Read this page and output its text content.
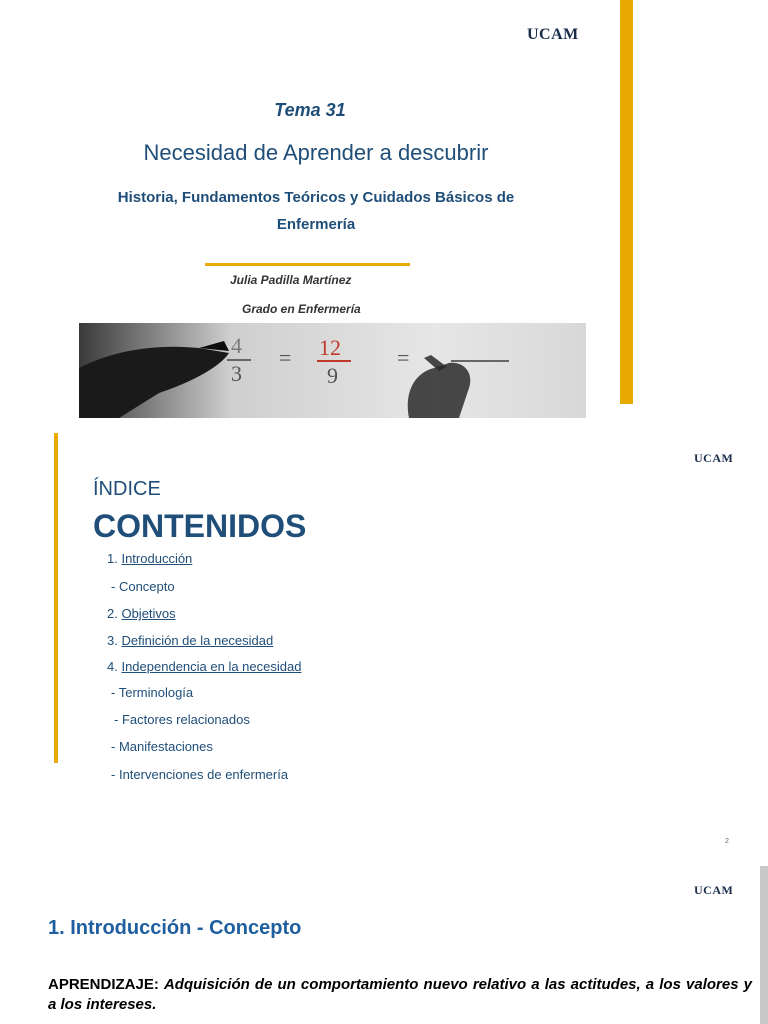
UCAM
Tema 31
Necesidad de Aprender a descubrir
Historia, Fundamentos Teóricos y Cuidados Básicos de
Enfermería
Julia Padilla Martínez
Grado en Enfermería
4
3
= 12
9
=
UCAM
ÍNDICE
CONTENIDOS
1. Introducción
- Concepto
2. Objetivos
3. Definición de la necesidad
4. Independencia en la necesidad
- Terminología
- Factores relacionados
- Manifestaciones
- Intervenciones de enfermería
2
UCAM
1. Introducción - Concepto
APRENDIZAJE: Adquisición de un comportamiento nuevo relativo a las actitudes, a los valores y a los intereses.
